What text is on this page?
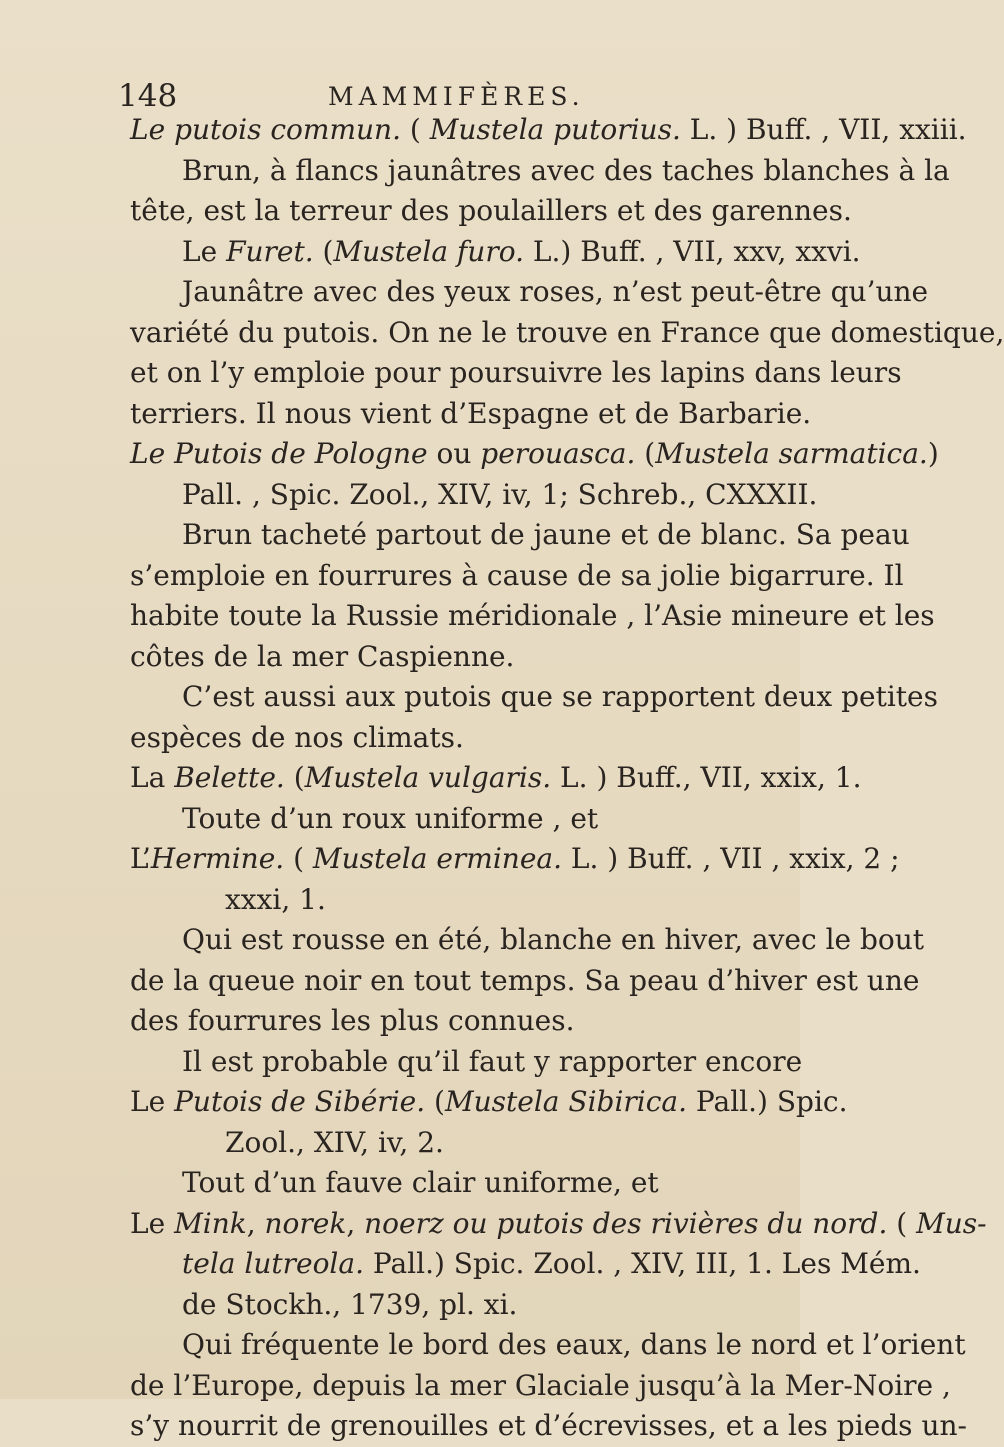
148	MAMMIFÈRES.
Le putois commun. ( Mustela putorius. L. ) Buff. , VII, xxiii.
Brun, à flancs jaunâtres avec des taches blanches à la
tête, est la terreur des poulaillers et des garennes.
Le Furet. (Mustela furo. L.) Buff. , VII, xxv, xxvi.
Jaunâtre avec des yeux roses, n’est peut-être qu’une
variété du putois. On ne le trouve en France que domestique,
et on l’y emploie pour poursuivre les lapins dans leurs
terriers. Il nous vient d’Espagne et de Barbarie.
Le Putois de Pologne ou perouasca. (Mustela sarmatica.)
Pall. , Spic. Zool., XIV, iv, 1; Schreb., CXXXII.
Brun tacheté partout de jaune et de blanc. Sa peau
s’emploie en fourrures à cause de sa jolie bigarrure. Il
habite toute la Russie méridionale , l’Asie mineure et les
côtes de la mer Caspienne.
C’est aussi aux putois que se rapportent deux petites
espèces de nos climats.
La Belette. (Mustela vulgaris. L. ) Buff., VII, xxix, 1.
Toute d’un roux uniforme , et
L’Hermine. ( Mustela erminea. L. ) Buff. , VII , xxix, 2 ;
xxxi, 1.
Qui est rousse en été, blanche en hiver, avec le bout
de la queue noir en tout temps. Sa peau d’hiver est une
des fourrures les plus connues.
Il est probable qu’il faut y rapporter encore
Le Putois de Sibérie. (Mustela Sibirica. Pall.) Spic.
Zool., XIV, iv, 2.
Tout d’un fauve clair uniforme, et
Le Mink, norek, noerz ou putois des rivières du nord. ( Mus-
tela lutreola. Pall.) Spic. Zool. , XIV, III, 1. Les Mém.
de Stockh., 1739, pl. xi.
Qui fréquente le bord des eaux, dans le nord et l’orient
de l’Europe, depuis la mer Glaciale jusqu’à la Mer-Noire ,
s’y nourrit de grenouilles et d’écrevisses, et a les pieds un-
